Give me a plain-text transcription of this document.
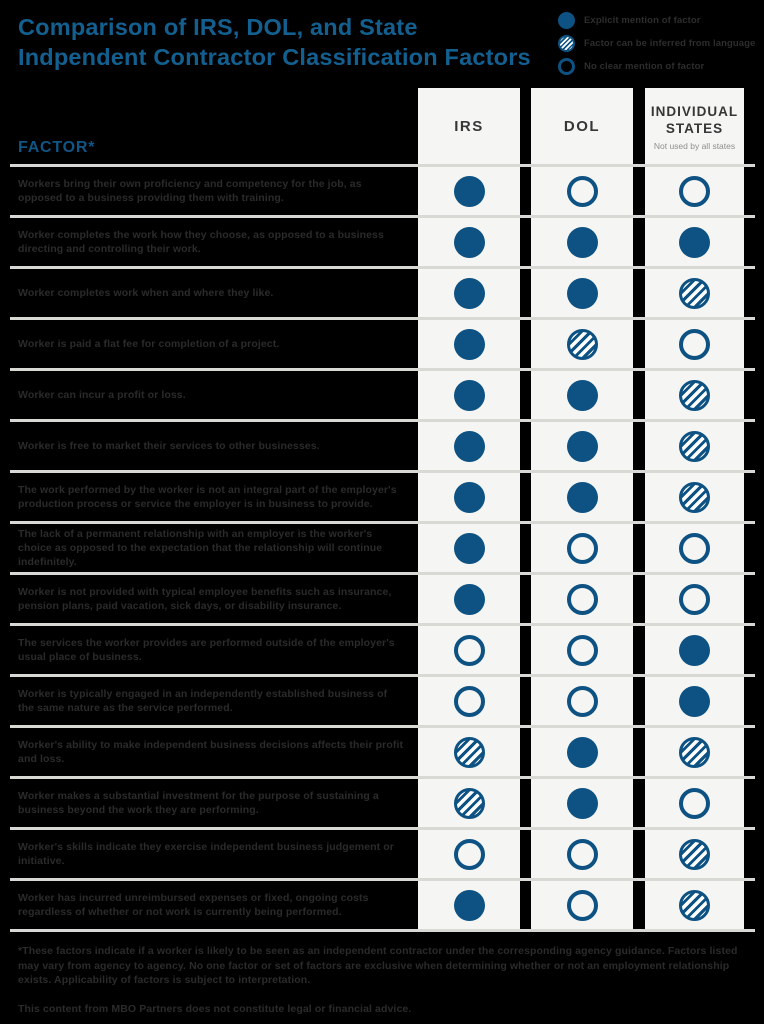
Comparison of IRS, DOL, and State
Indpendent Contractor Classification Factors
Explicit mention of factor
Factor can be inferred from language
No clear mention of factor
FACTOR*
IRS	DOL
INDIVIDUAL STATES
Not used by all states
Workers bring their own proficiency and competency for the job, as opposed to a business providing them with training.
Worker completes the work how they choose, as opposed to a business directing and controlling their work.
Worker completes work when and where they like.
Worker is paid a flat fee for completion of a project.
Worker can incur a profit or loss.
Worker is free to market their services to other businesses.
The work performed by the worker is not an integral part of the employer's production process or service the employer is in business to provide.
The lack of a permanent relationship with an employer is the worker's choice as opposed to the expectation that the relationship will continue indefinitely.
Worker is not provided with typical employee benefits such as insurance, pension plans, paid vacation, sick days, or disability insurance.
The services the worker provides are performed outside of the employer's usual place of business.
Worker is typically engaged in an independently established business of the same nature as the service performed.
Worker's ability to make independent business decisions affects their profit and loss.
Worker makes a substantial investment for the purpose of sustaining a business beyond the work they are performing.
Worker's skills indicate they exercise independent business judgement or initiative.
Worker has incurred unreimbursed expenses or fixed, ongoing costs regardless of whether or not work is currently being performed.
*These factors indicate if a worker is likely to be seen as an independent contractor under the corresponding agency guidance. Factors listed may vary from agency to agency. No one factor or set of factors are exclusive when determining whether or not an employment relationship exists. Applicability of factors is subject to interpretation.
This content from MBO Partners does not constitute legal or financial advice.
